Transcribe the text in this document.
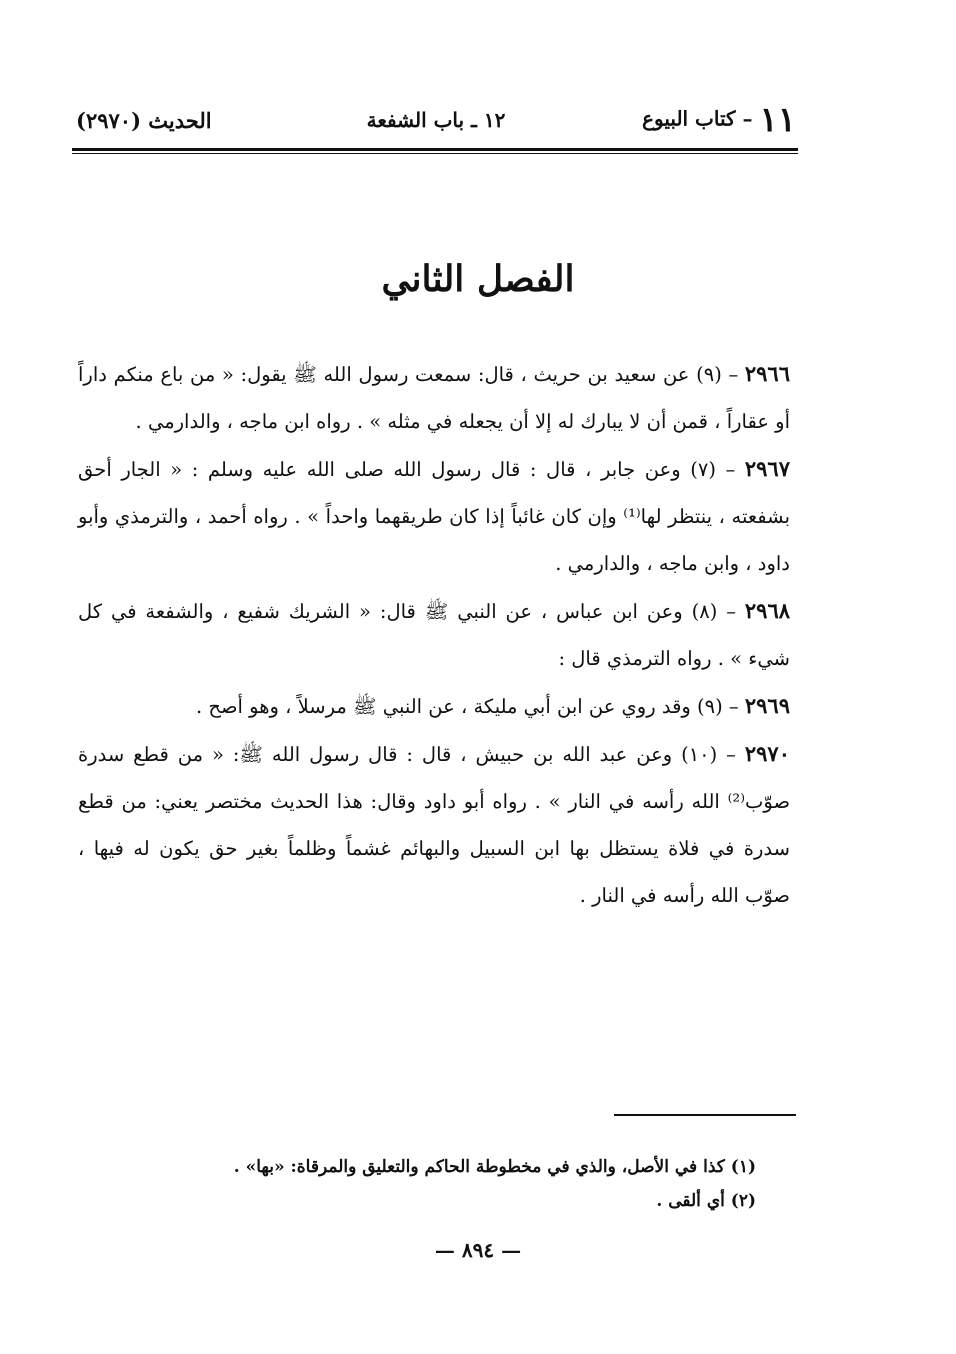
١١ – كتاب البيوع
١٢ ـ باب الشفعة
الحديث (٢٩٧٠)
الفصل الثاني

٢٩٦٦ – (٩) عن سعيد بن حريث ، قال: سمعت رسول الله ﷺ يقول: « من باع منكم داراً أو عقاراً ، قمن أن لا يبارك له إلا أن يجعله في مثله » . رواه ابن ماجه ، والدارمي .

٢٩٦٧ – (٧) وعن جابر ، قال : قال رسول الله صلى الله عليه وسلم : « الجار أحق بشفعته ، ينتظر لها⁽¹⁾ وإن كان غائباً إذا كان طريقهما واحداً » . رواه أحمد ، والترمذي وأبو داود ، وابن ماجه ، والدارمي .

٢٩٦٨ – (٨) وعن ابن عباس ، عن النبي ﷺ قال: « الشريك شفيع ، والشفعة في كل شيء » . رواه الترمذي قال :

٢٩٦٩ – (٩) وقد روي عن ابن أبي مليكة ، عن النبي ﷺ مرسلاً ، وهو أصح .

٢٩٧٠ – (١٠) وعن عبد الله بن حبيش ، قال : قال رسول الله ﷺ: « من قطع سدرة صوّب⁽²⁾ الله رأسه في النار » . رواه أبو داود وقال: هذا الحديث مختصر يعني: من قطع سدرة في فلاة يستظل بها ابن السبيل والبهائم غشماً وظلماً بغير حق يكون له فيها ، صوّب الله رأسه في النار .

(١) كذا في الأصل، والذي في مخطوطة الحاكم والتعليق والمرقاة: «بها» .

(٢) أي ألقى .

— ٨٩٤ —
